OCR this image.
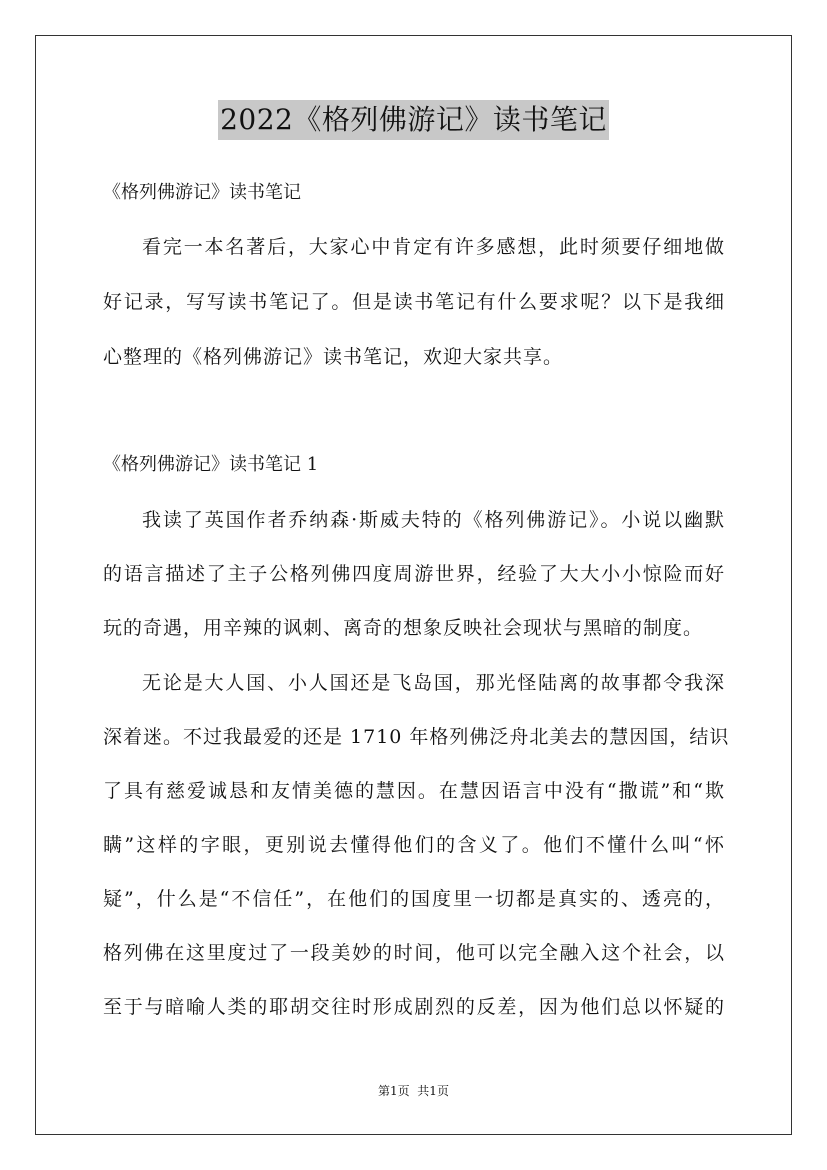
2022《格列佛游记》读书笔记
《格列佛游记》读书笔记
看完一本名著后，大家心中肯定有许多感想，此时须要仔细地做
好记录，写写读书笔记了。但是读书笔记有什么要求呢？以下是我细
心整理的《格列佛游记》读书笔记，欢迎大家共享。
《格列佛游记》读书笔记 1
我读了英国作者乔纳森·斯威夫特的《格列佛游记》。小说以幽默
的语言描述了主子公格列佛四度周游世界，经验了大大小小惊险而好
玩的奇遇，用辛辣的讽刺、离奇的想象反映社会现状与黑暗的制度。
无论是大人国、小人国还是飞岛国，那光怪陆离的故事都令我深
深着迷。不过我最爱的还是 1710 年格列佛泛舟北美去的慧因国，结识
了具有慈爱诚恳和友情美德的慧因。在慧因语言中没有“撒谎”和“欺
瞒”这样的字眼，更别说去懂得他们的含义了。他们不懂什么叫“怀
疑”，什么是“不信任”，在他们的国度里一切都是真实的、透亮的，
格列佛在这里度过了一段美妙的时间，他可以完全融入这个社会，以
至于与暗喻人类的耶胡交往时形成剧烈的反差，因为他们总以怀疑的
第1页  共1页
